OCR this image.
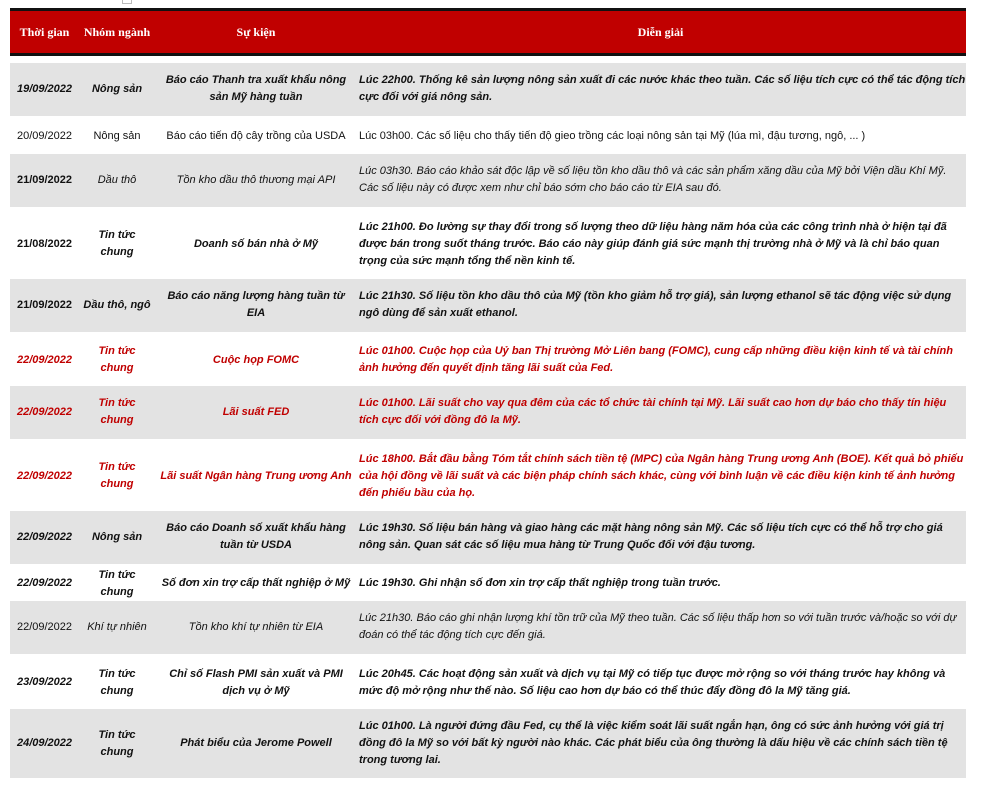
Thời gian	Nhóm ngành	Sự kiện	Diễn giải

19/09/2022	Nông sản	Báo cáo Thanh tra xuất khẩu nông sản Mỹ hàng tuần	Lúc 22h00. Thống kê sản lượng nông sản xuất đi các nước khác theo tuần. Các số liệu tích cực có thể tác động tích cực đối với giá nông sản.
20/09/2022	Nông sản	Báo cáo tiến độ cây trồng của USDA	Lúc 03h00. Các số liệu cho thấy tiến độ gieo trồng các loại nông sản tại Mỹ (lúa mì, đậu tương, ngô, ... )
21/09/2022	Dầu thô	Tồn kho dầu thô thương mại API	Lúc 03h30. Báo cáo khảo sát độc lập về số liệu tồn kho dầu thô và các sản phẩm xăng dầu của Mỹ bởi Viện dầu Khí Mỹ. Các số liệu này có được xem như chỉ báo sớm cho báo cáo từ EIA sau đó.
21/08/2022	Tin tức chung	Doanh số bán nhà ở Mỹ	Lúc 21h00. Đo lường sự thay đổi trong số lượng theo dữ liệu hàng năm hóa của các công trình nhà ở hiện tại đã được bán trong suốt tháng trước. Báo cáo này giúp đánh giá sức mạnh thị trường nhà ở Mỹ và là chỉ báo quan trọng của sức mạnh tổng thể nền kinh tế.
21/09/2022	Dầu thô, ngô	Báo cáo năng lượng hàng tuần từ EIA	Lúc 21h30. Số liệu tồn kho dầu thô của Mỹ (tồn kho giảm hỗ trợ giá), sản lượng ethanol sẽ tác động việc sử dụng ngô dùng để sản xuất ethanol.
22/09/2022	Tin tức chung	Cuộc họp FOMC	Lúc 01h00. Cuộc họp của Uỷ ban Thị trường Mở Liên bang (FOMC), cung cấp những điều kiện kinh tế và tài chính ảnh hưởng đến quyết định tăng lãi suất của Fed.
22/09/2022	Tin tức chung	Lãi suất FED	Lúc 01h00. Lãi suất cho vay qua đêm của các tổ chức tài chính tại Mỹ. Lãi suất cao hơn dự báo cho thấy tín hiệu tích cực đối với đồng đô la Mỹ.
22/09/2022	Tin tức chung	Lãi suất Ngân hàng Trung ương Anh	Lúc 18h00. Bắt đầu bằng Tóm tắt chính sách tiền tệ (MPC) của Ngân hàng Trung ương Anh (BOE). Kết quả bỏ phiếu của hội đồng về lãi suất và các biện pháp chính sách khác, cùng với bình luận về các điều kiện kinh tế ảnh hưởng đến phiếu bầu của họ.
22/09/2022	Nông sản	Báo cáo Doanh số xuất khẩu hàng tuần từ USDA	Lúc 19h30. Số liệu bán hàng và giao hàng các mặt hàng nông sản Mỹ. Các số liệu tích cực có thể hỗ trợ cho giá nông sản. Quan sát các số liệu mua hàng từ Trung Quốc đối với đậu tương.
22/09/2022	Tin tức chung	Số đơn xin trợ cấp thất nghiệp ở Mỹ	Lúc 19h30. Ghi nhận số đơn xin trợ cấp thất nghiệp trong tuần trước.
22/09/2022	Khí tự nhiên	Tồn kho khí tự nhiên từ EIA	Lúc 21h30. Báo cáo ghi nhận lượng khí tồn trữ của Mỹ theo tuần. Các số liệu thấp hơn so với tuần trước và/hoặc so với dự đoán có thể tác động tích cực đến giá.
23/09/2022	Tin tức chung	Chỉ số Flash PMI sản xuất và PMI dịch vụ ở Mỹ	Lúc 20h45. Các hoạt động sản xuất và dịch vụ tại Mỹ có tiếp tục được mở rộng so với tháng trước hay không và mức độ mở rộng như thế nào. Số liệu cao hơn dự báo có thể thúc đẩy đồng đô la Mỹ tăng giá.
24/09/2022	Tin tức chung	Phát biểu của Jerome Powell	Lúc 01h00. Là người đứng đầu Fed, cụ thể là việc kiểm soát lãi suất ngắn hạn, ông có sức ảnh hưởng với giá trị đồng đô la Mỹ so với bất kỳ người nào khác. Các phát biểu của ông thường là dấu hiệu về các chính sách tiền tệ trong tương lai.
